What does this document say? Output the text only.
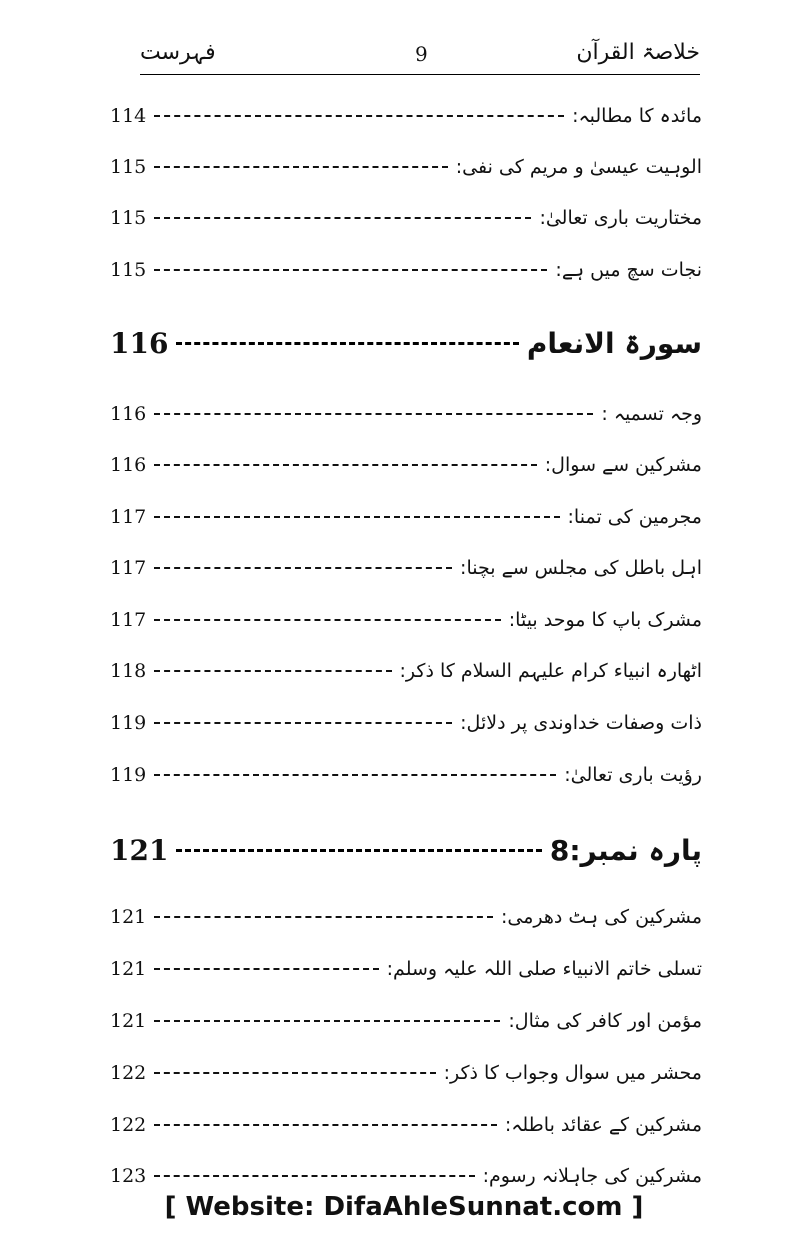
فہرست	9	خلاصۃ القرآن
مائدہ کا مطالبہ:
114
الوہیت عیسیٰ و مریم کی نفی:
115
مختاریت باری تعالیٰ:
115
نجات سچ میں ہے:
115
سورۃ الانعام
116
وجہ تسمیہ :
116
مشرکین سے سوال:
116
مجرمین کی تمنا:
117
اہل باطل کی مجلس سے بچنا:
117
مشرک باپ کا موحد بیٹا:
117
اٹھارہ انبیاء کرام علیہم السلام کا ذکر:
118
ذات وصفات خداوندی پر دلائل:
119
رؤیت باری تعالیٰ:
119
پارہ نمبر:8
121
مشرکین کی ہٹ دھرمی:
121
تسلی خاتم الانبیاء صلی اللہ علیہ وسلم:
121
مؤمن اور کافر کی مثال:
121
محشر میں سوال وجواب کا ذکر:
122
مشرکین کے عقائد باطلہ:
122
مشرکین کی جاہلانہ رسوم:
123
[ Website: DifaAhleSunnat.com ]
